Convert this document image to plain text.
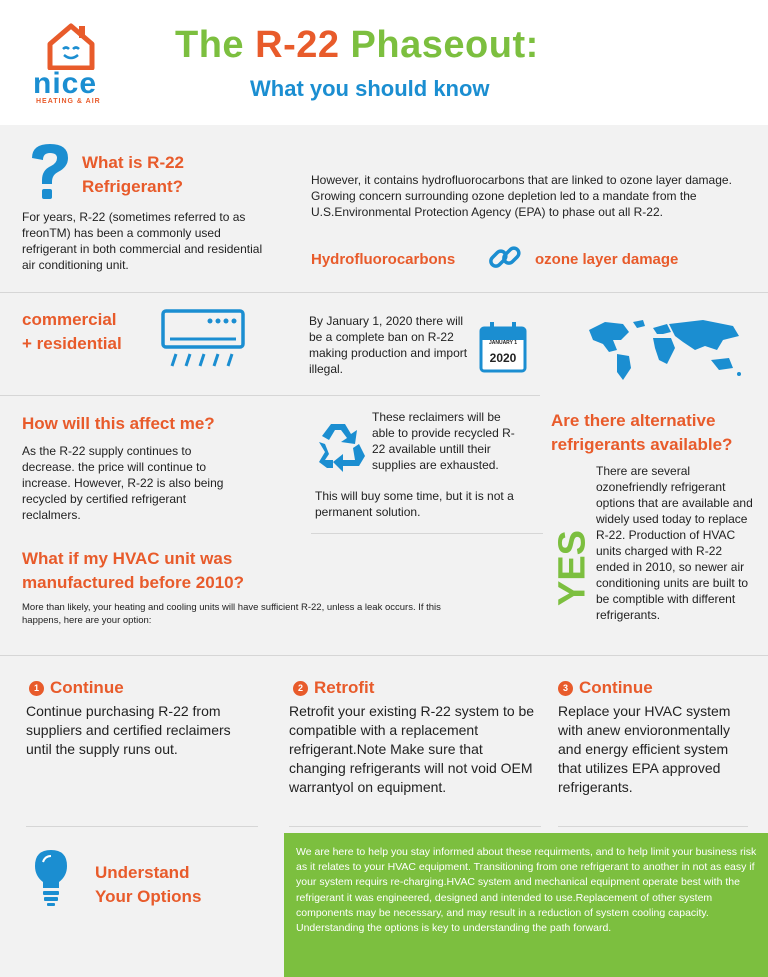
nice
HEATING & AIR
The R-22 Phaseout:
What you should know
What is R-22
Refrigerant?
For years, R-22 (sometimes referred to as freonTM) has been a commonly used refrigerant in both commercial and residential air conditioning unit.
However, it contains hydrofluorocarbons that are linked to ozone layer damage. Growing concern surrounding ozone depletion led to a mandate from the U.S.Environmental Protection Agency (EPA) to phase out all R-22.
Hydrofluorocarbons	ozone layer damage
commercial
+ residential
By January 1, 2020 there will be a complete ban on R-22 making production and import illegal.
JANUARY 1
2020
How will this affect me?
As the R-22 supply continues to decrease. the price will continue to increase. However, R-22 is also being recycled by certified refrigerant reclalmers.
These reclaimers will be able to provide recycled R-22 available untill their supplies are exhausted.
This will buy some time, but it is not a permanent solution.
Are there alternative
refrigerants available?
YES
There are several ozonefriendly refrigerant options that are available and widely used today to replace R-22. Production of HVAC units charged with R-22 ended in 2010, so newer air conditioning units are built to be comptible with different refrigerants.
What if my HVAC unit was
manufactured before 2010?
More than likely, your heating and cooling units will have sufficient R-22, unless a leak occurs. If this happens, here are your option:
1 Continue
Continue purchasing R-22 from suppliers and certified reclaimers until the supply runs out.
2 Retrofit
Retrofit your existing R-22 system to be compatible with a replacement refrigerant.Note Make sure that changing refrigerants will not void OEM warrantyol on equipment.
3 Continue
Replace your HVAC system with anew envioronmentally and energy efficient system that utilizes EPA approved refrigerants.
Understand
Your Options
We are here to help you stay informed about these requirments, and to help limit your business risk as it relates to your HVAC equipment. Transitioning from one refrigerant to another in not as easy if your system requirs re-charging.HVAC system and mechanical equipment operate best with the refrigerant it was engineered, designed and intended to use.Replacement of other system components may be necessary, and may result in a reduction of system cooling capacity. Understanding the options is key to understanding the path forward.
